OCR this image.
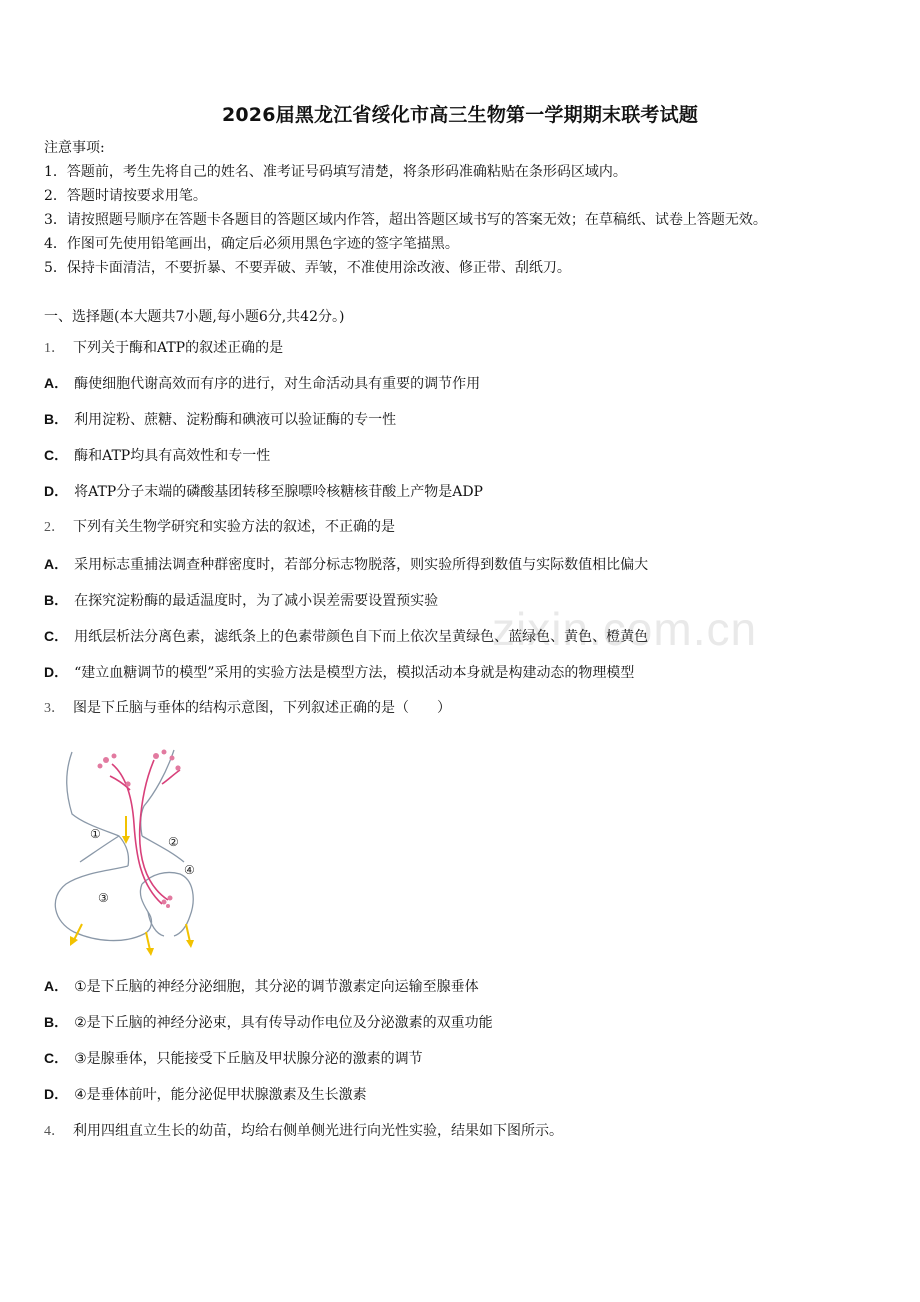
2026届黑龙江省绥化市高三生物第一学期期末联考试题
注意事项:
1．答题前，考生先将自己的姓名、准考证号码填写清楚，将条形码准确粘贴在条形码区域内。
2．答题时请按要求用笔。
3．请按照题号顺序在答题卡各题目的答题区域内作答，超出答题区域书写的答案无效；在草稿纸、试卷上答题无效。
4．作图可先使用铅笔画出，确定后必须用黑色字迹的签字笔描黑。
5．保持卡面清洁，不要折暴、不要弄破、弄皱，不准使用涂改液、修正带、刮纸刀。
一、选择题(本大题共7小题,每小题6分,共42分。)
1． 下列关于酶和ATP的叙述正确的是
A． 酶使细胞代谢高效而有序的进行，对生命活动具有重要的调节作用
B． 利用淀粉、蔗糖、淀粉酶和碘液可以验证酶的专一性
C． 酶和ATP均具有高效性和专一性
D． 将ATP分子末端的磷酸基团转移至腺嘌呤核糖核苷酸上产物是ADP
2． 下列有关生物学研究和实验方法的叙述，不正确的是
A． 采用标志重捕法调查种群密度时，若部分标志物脱落，则实验所得到数值与实际数值相比偏大
B． 在探究淀粉酶的最适温度时，为了减小误差需要设置预实验
zixin.com.cn
C． 用纸层析法分离色素，滤纸条上的色素带颜色自下而上依次呈黄绿色、蓝绿色、黄色、橙黄色
D． “建立血糖调节的模型”采用的实验方法是模型方法，模拟活动本身就是构建动态的物理模型
3． 图是下丘脑与垂体的结构示意图，下列叙述正确的是（　　）
①
②
④
③
A． ①是下丘脑的神经分泌细胞，其分泌的调节激素定向运输至腺垂体
B． ②是下丘脑的神经分泌束，具有传导动作电位及分泌激素的双重功能
C． ③是腺垂体，只能接受下丘脑及甲状腺分泌的激素的调节
D． ④是垂体前叶，能分泌促甲状腺激素及生长激素
4． 利用四组直立生长的幼苗，均给右侧单侧光进行向光性实验，结果如下图所示。
